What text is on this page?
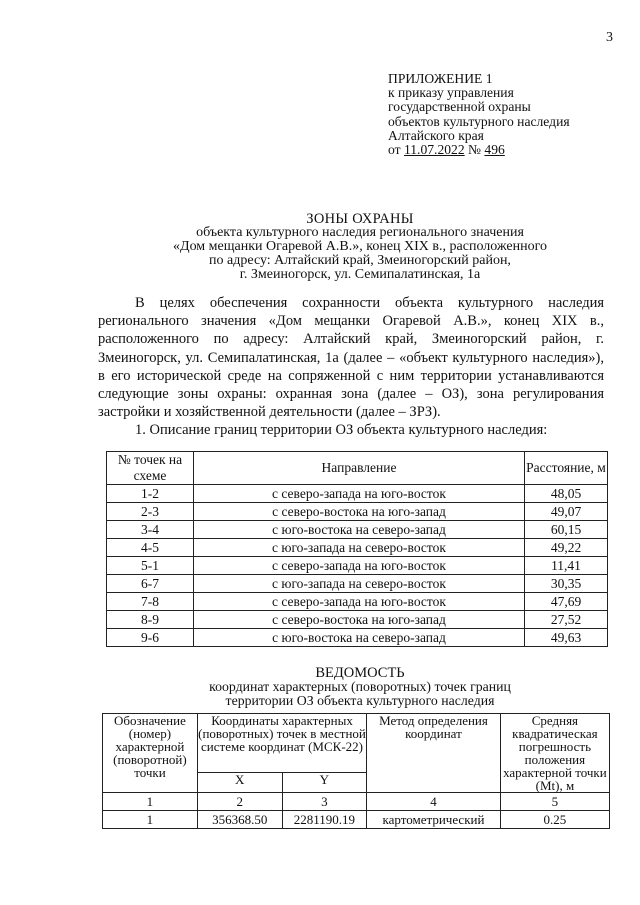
3
ПРИЛОЖЕНИЕ 1
к приказу управления
государственной охраны
объектов культурного наследия
Алтайского края
от 11.07.2022 № 496
ЗОНЫ ОХРАНЫ
объекта культурного наследия регионального значения
«Дом мещанки Огаревой А.В.», конец XIX в., расположенного
по адресу: Алтайский край, Змеиногорский район,
г. Змеиногорск, ул. Семипалатинская, 1а

В целях обеспечения сохранности объекта культурного наследия регионального значения «Дом мещанки Огаревой А.В.», конец XIX в., расположенного по адресу: Алтайский край, Змеиногорский район, г. Змеиногорск, ул. Семипалатинская, 1а (далее – «объект культурного наследия»), в его исторической среде на сопряженной с ним территории устанавливаются следующие зоны охраны: охранная зона (далее – ОЗ), зона регулирования застройки и хозяйственной деятельности (далее – ЗРЗ).

1. Описание границ территории ОЗ объекта культурного наследия:

№ точек на схеме	Направление	Расстояние, м
1-2	с северо-запада на юго-восток	48,05
2-3	с северо-востока на юго-запад	49,07
3-4	с юго-востока на северо-запад	60,15
4-5	с юго-запада на северо-восток	49,22
5-1	с северо-запада на юго-восток	11,41
6-7	с юго-запада на северо-восток	30,35
7-8	с северо-запада на юго-восток	47,69
8-9	с северо-востока на юго-запад	27,52
9-6	с юго-востока на северо-запад	49,63
ВЕДОМОСТЬ
координат характерных (поворотных) точек границ
территории ОЗ объекта культурного наследия
Обозначение (номер) характерной (поворотной) точки	Координаты характерных (поворотных) точек в местной системе координат (МСК-22)		Метод определения координат	Средняя квадратическая погрешность положения характерной точки (Mt), м
	X	Y		
1	2	3	4	5
1	356368.50	2281190.19	картометрический	0.25
